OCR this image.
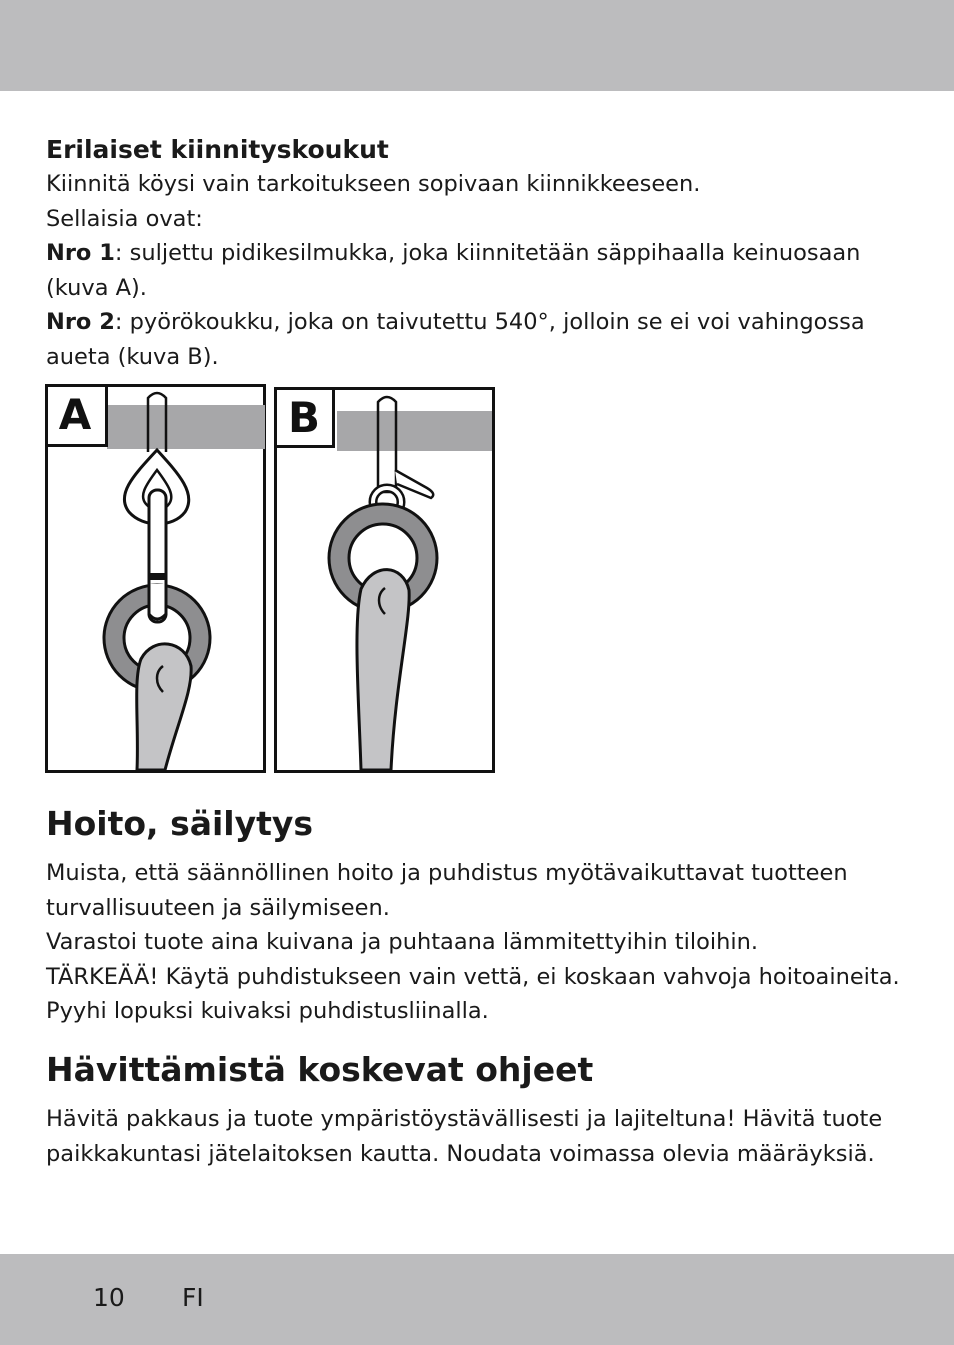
Erilaiset kiinnityskoukut

Kiinnitä köysi vain tarkoitukseen sopivaan kiinnikkeeseen.

Sellaisia ovat:

Nro 1: suljettu pidikesilmukka, joka kiinnitetään säppihaalla keinuosaan

(kuva A).

Nro 2: pyörökoukku, joka on taivutettu 540°, jolloin se ei voi vahingossa

aueta (kuva B).

A	B

Hoito, säilytys

Muista, että säännöllinen hoito ja puhdistus myötävaikuttavat tuotteen

turvallisuuteen ja säilymiseen.

Varastoi tuote aina kuivana ja puhtaana lämmitettyihin tiloihin.

TÄRKEÄÄ! Käytä puhdistukseen vain vettä, ei koskaan vahvoja hoitoaineita.

Pyyhi lopuksi kuivaksi puhdistusliinalla.

Hävittämistä koskevat ohjeet

Hävitä pakkaus ja tuote ympäristöystävällisesti ja lajiteltuna! Hävitä tuote

paikkakuntasi jätelaitoksen kautta. Noudata voimassa olevia määräyksiä.

10 FI
